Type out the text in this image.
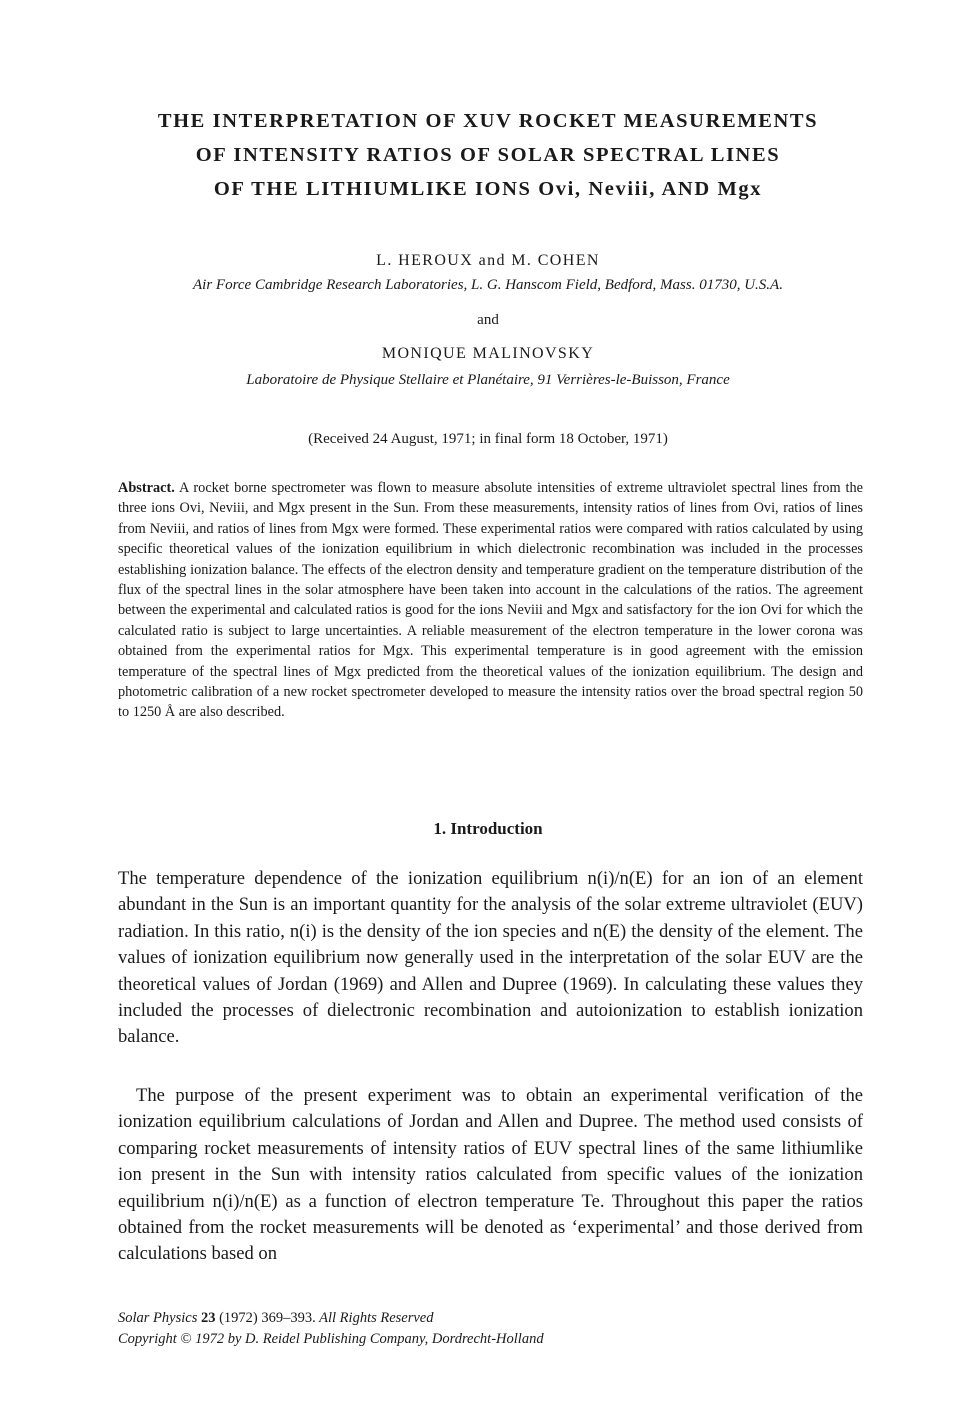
THE INTERPRETATION OF XUV ROCKET MEASUREMENTS
OF INTENSITY RATIOS OF SOLAR SPECTRAL LINES
OF THE LITHIUMLIKE IONS Ovi, Neviii, AND Mgx
L. HEROUX and M. COHEN
Air Force Cambridge Research Laboratories, L. G. Hanscom Field, Bedford, Mass. 01730, U.S.A.
and
MONIQUE MALINOVSKY
Laboratoire de Physique Stellaire et Planétaire, 91 Verrières-le-Buisson, France
(Received 24 August, 1971; in final form 18 October, 1971)
Abstract. A rocket borne spectrometer was flown to measure absolute intensities of extreme ultraviolet spectral lines from the three ions Ovi, Neviii, and Mgx present in the Sun. From these measurements, intensity ratios of lines from Ovi, ratios of lines from Neviii, and ratios of lines from Mgx were formed. These experimental ratios were compared with ratios calculated by using specific theoretical values of the ionization equilibrium in which dielectronic recombination was included in the processes establishing ionization balance. The effects of the electron density and temperature gradient on the temperature distribution of the flux of the spectral lines in the solar atmosphere have been taken into account in the calculations of the ratios. The agreement between the experimental and calculated ratios is good for the ions Neviii and Mgx and satisfactory for the ion Ovi for which the calculated ratio is subject to large uncertainties. A reliable measurement of the electron temperature in the lower corona was obtained from the experimental ratios for Mgx. This experimental temperature is in good agreement with the emission temperature of the spectral lines of Mgx predicted from the theoretical values of the ionization equilibrium. The design and photometric calibration of a new rocket spectrometer developed to measure the intensity ratios over the broad spectral region 50 to 1250 Å are also described.
1. Introduction

The temperature dependence of the ionization equilibrium n(i)/n(E) for an ion of an element abundant in the Sun is an important quantity for the analysis of the solar extreme ultraviolet (EUV) radiation. In this ratio, n(i) is the density of the ion species and n(E) the density of the element. The values of ionization equilibrium now generally used in the interpretation of the solar EUV are the theoretical values of Jordan (1969) and Allen and Dupree (1969). In calculating these values they included the processes of dielectronic recombination and autoionization to establish ionization balance.

The purpose of the present experiment was to obtain an experimental verification of the ionization equilibrium calculations of Jordan and Allen and Dupree. The method used consists of comparing rocket measurements of intensity ratios of EUV spectral lines of the same lithiumlike ion present in the Sun with intensity ratios calculated from specific values of the ionization equilibrium n(i)/n(E) as a function of electron temperature Te. Throughout this paper the ratios obtained from the rocket measurements will be denoted as ‘experimental’ and those derived from calculations based on

Solar Physics 23 (1972) 369–393. All Rights Reserved
Copyright © 1972 by D. Reidel Publishing Company, Dordrecht-Holland
